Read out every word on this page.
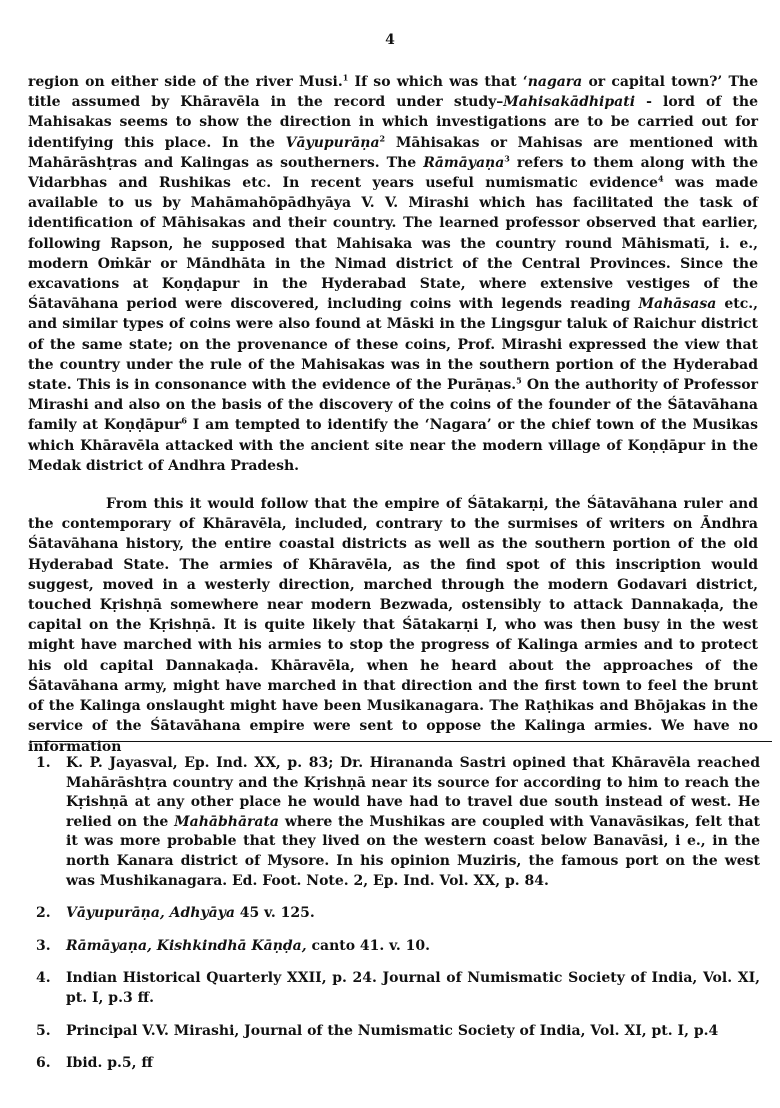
4

region on either side of the river Musi.$^1$ If so which was that ‘nagara or capital town?’ The title assumed by Khāravēla in the record under study–Mahisakādhipati - lord of the Mahisakas seems to show the direction in which investigations are to be carried out for identifying this place. In the Vāyupurāṇa$^2$ Māhisakas or Mahisas are mentioned with Mahārāshṭras and Kalingas as southerners. The Rāmāyaṇa$^3$ refers to them along with the Vidarbhas and Rushikas etc. In recent years useful numismatic evidence$^4$ was made available to us by Mahāmahōpādhyāya V. V. Mirashi which has facilitated the task of identification of Māhisakas and their country. The learned professor observed that earlier, following Rapson, he supposed that Mahisaka was the country round Māhismatī, i. e., modern Oṁkār or Māndhāta in the Nimad district of the Central Provinces. Since the excavations at Koṇḍapur in the Hyderabad State, where extensive vestiges of the Śātavāhana period were discovered, including coins with legends reading Mahāsasa etc., and similar types of coins were also found at Māski in the Lingsgur taluk of Raichur district of the same state; on the provenance of these coins, Prof. Mirashi expressed the view that the country under the rule of the Mahisakas was in the southern portion of the Hyderabad state. This is in consonance with the evidence of the Purāṇas.$^5$ On the authority of Professor Mirashi and also on the basis of the discovery of the coins of the founder of the Śātavāhana family at Koṇḍāpur$^6$ I am tempted to identify the ‘Nagara’ or the chief town of the Musikas which Khāravēla attacked with the ancient site near the modern village of Koṇḍāpur in the Medak district of Andhra Pradesh.

From this it would follow that the empire of Śātakarṇi, the Śātavāhana ruler and the contemporary of Khāravēla, included, contrary to the surmises of writers on Āndhra Śātavāhana history, the entire coastal districts as well as the southern portion of the old Hyderabad State. The armies of Khāravēla, as the find spot of this inscription would suggest, moved in a westerly direction, marched through the modern Godavari district, touched Kṛishṇā somewhere near modern Bezwada, ostensibly to attack Dannakaḍa, the capital on the Kṛishṇā. It is quite likely that Śātakarṇi I, who was then busy in the west might have marched with his armies to stop the progress of Kalinga armies and to protect his old capital Dannakaḍa. Khāravēla, when he heard about the approaches of the Śātavāhana army, might have marched in that direction and the first town to feel the brunt of the Kalinga onslaught might have been Musikanagara. The Raṭhikas and Bhōjakas in the service of the Śātavāhana empire were sent to oppose the Kalinga armies. We have no information

1.	K. P. Jayasval, Ep. Ind. XX, p. 83; Dr. Hirananda Sastri opined that Khāravēla reached Mahārāshṭra country and the Kṛishṇā near its source for according to him to reach the Kṛishṇā at any other place he would have had to travel due south instead of west. He relied on the Mahābhārata where the Mushikas are coupled with Vanavāsikas, felt that it was more probable that they lived on the western coast below Banavāsi, i e., in the north Kanara district of Mysore. In his opinion Muziris, the famous port on the west was Mushikanagara. Ed. Foot. Note. 2, Ep. Ind. Vol. XX, p. 84.
2.	Vāyupurāṇa, Adhyāya 45 v. 125.
3.	Rāmāyaṇa, Kishkindhā Kāṇḍa, canto 41. v. 10.
4.	Indian Historical Quarterly XXII, p. 24. Journal of Numismatic Society of India, Vol. XI, pt. I, p.3 ff.
5.	Principal V.V. Mirashi, Journal of the Numismatic Society of India, Vol. XI, pt. I, p.4
6.	Ibid. p.5, ff
